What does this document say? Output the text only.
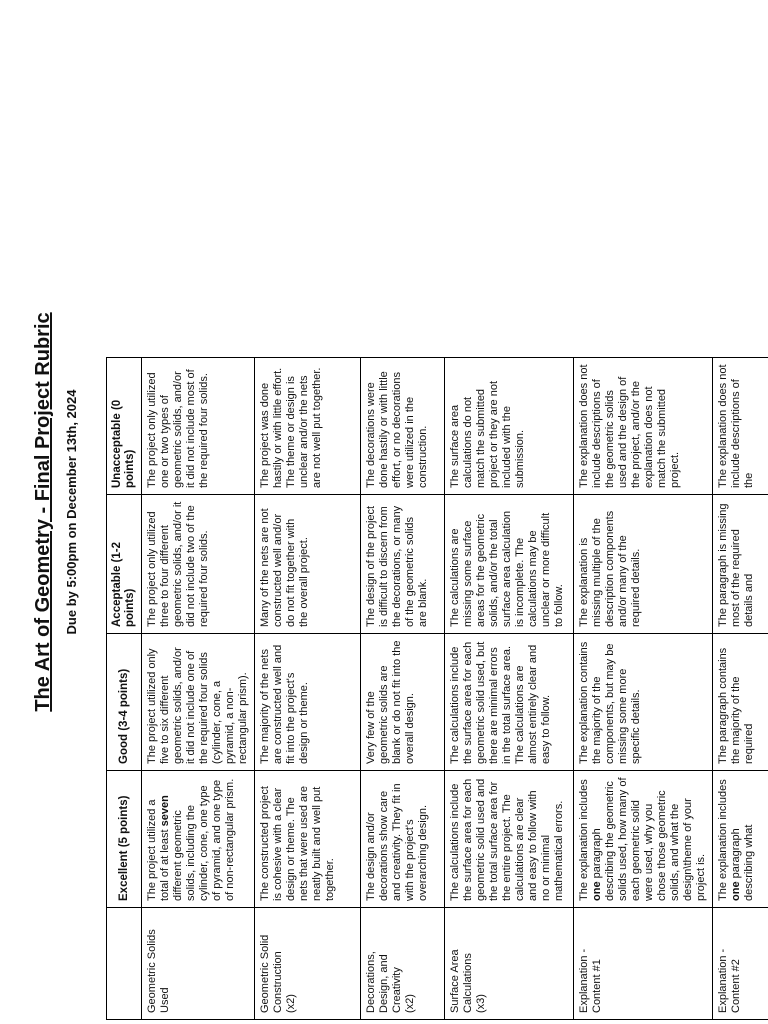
The Art of Geometry - Final Project Rubric Due by 5:00pm on December 13th, 2024
	Excellent (5 points)	Good (3-4 points)	Acceptable (1-2 points)	Unacceptable (0 points)
Geometric Solids Used	The project utilized a total of at least seven different geometric solids, including the cylinder, cone, one type of pyramid, and one type of non-rectangular prism.	The project utilized only five to six different geometric solids, and/or it did not include one of the required four solids (cylinder, cone, a pyramid, a non-rectangular prism).	The project only utilized three to four different geometric solids, and/or it did not include two of the required four solids.	The project only utilized one or two types of geometric solids, and/or it did not include most of the required four solids.
Geometric Solid Construction (x2)	The constructed project is cohesive with a clear design or theme. The nets that were used are neatly built and well put together.	The majority of the nets are constructed well and fit into the project's design or theme.	Many of the nets are not constructed well and/or do not fit together with the overall project.	The project was done hastily or with little effort. The theme or design is unclear and/or the nets are not well put together.
Decorations, Design, and Creativity (x2)	The design and/or decorations show care and creativity. They fit in with the project's overarching design.	Very few of the geometric solids are blank or do not fit into the overall design.	The design of the project is difficult to discern from the decorations, or many of the geometric solids are blank.	The decorations were done hastily or with little effort, or no decorations were utilized in the construction.
Surface Area Calculations (x3)	The calculations include the surface area for each geometric solid used and the total surface area for the entire project. The calculations are clear and easy to follow with no or minimal mathematical errors.	The calculations include the surface area for each geometric solid used, but there are minimal errors in the total surface area. The calculations are almost entirely clear and easy to follow.	The calculations are missing some surface areas for the geometric solids, and/or the total surface area calculation is incomplete. The calculations may be unclear or more difficult to follow.	The surface area calculations do not match the submitted project or they are not included with the submission.
Explanation - Content #1	The explanation includes one paragraph describing the geometric solids used, how many of each geometric solid were used, why you chose those geometric solids, and what the design\theme of your project is.	The explanation contains the majority of the components, but may be missing some more specific details.	The explanation is missing multiple of the description components and/or many of the required details.	The explanation does not include descriptions of the geometric solids used and the design of the project, and/or the explanation does not match the submitted project.
Explanation - Content #2	The explanation includes one paragraph describing what	The paragraph contains the majority of the required	The paragraph is missing most of the required details and	The explanation does not include descriptions of the
